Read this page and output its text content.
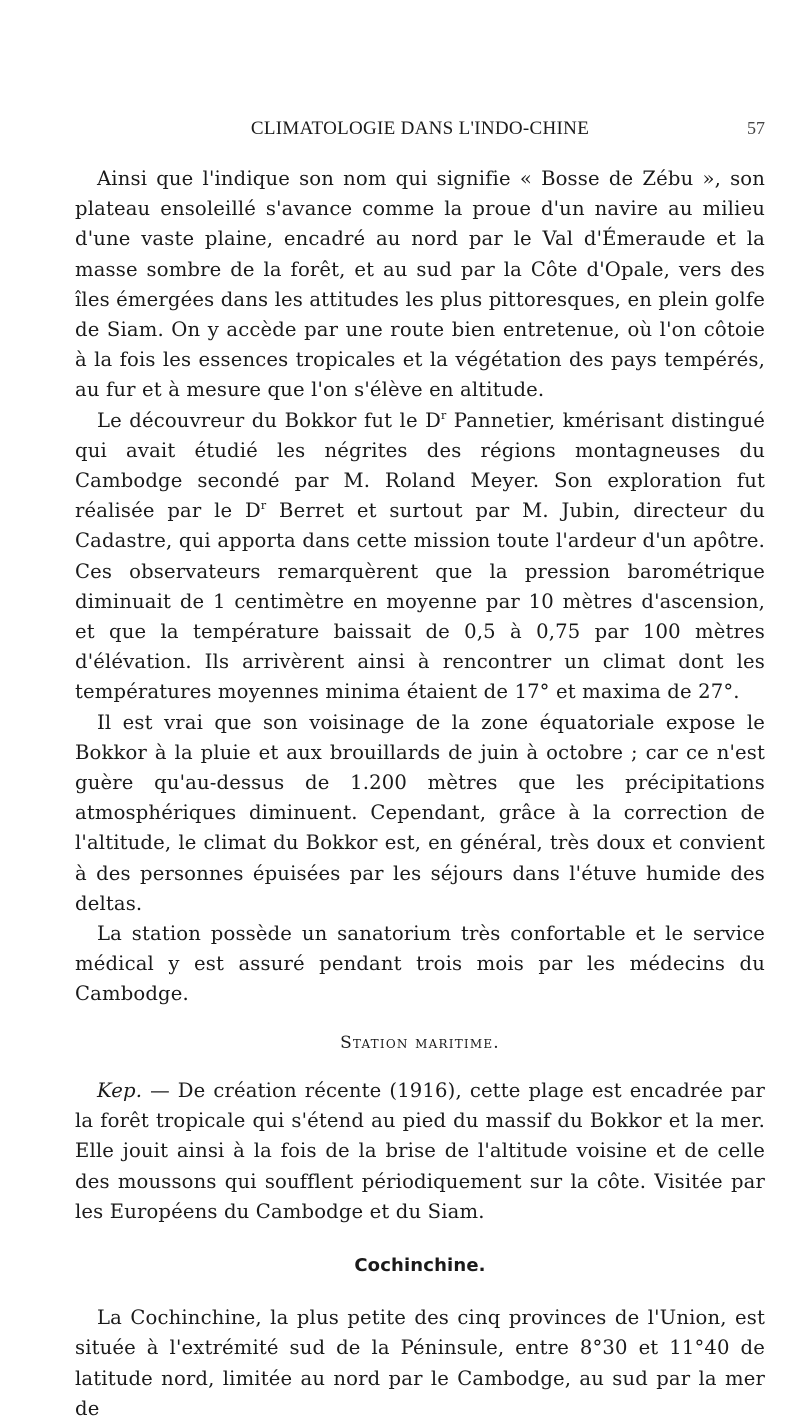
CLIMATOLOGIE DANS L'INDO-CHINE	57

Ainsi que l'indique son nom qui signifie « Bosse de Zébu », son plateau ensoleillé s'avance comme la proue d'un navire au milieu d'une vaste plaine, encadré au nord par le Val d'Émeraude et la masse sombre de la forêt, et au sud par la Côte d'Opale, vers des îles émergées dans les attitudes les plus pittoresques, en plein golfe de Siam. On y accède par une route bien entretenue, où l'on côtoie à la fois les essences tropicales et la végétation des pays tempérés, au fur et à mesure que l'on s'élève en altitude.

Le découvreur du Bokkor fut le $D^r$ Pannetier, kmérisant distingué qui avait étudié les négrites des régions montagneuses du Cambodge secondé par M. Roland Meyer. Son exploration fut réalisée par le $D^r$ Berret et surtout par M. Jubin, directeur du Cadastre, qui apporta dans cette mission toute l'ardeur d'un apôtre. Ces observateurs remarquèrent que la pression barométrique diminuait de 1 centimètre en moyenne par 10 mètres d'ascension, et que la température baissait de 0,5 à 0,75 par 100 mètres d'élévation. Ils arrivèrent ainsi à rencontrer un climat dont les températures moyennes minima étaient de 17° et maxima de 27°.

Il est vrai que son voisinage de la zone équatoriale expose le Bokkor à la pluie et aux brouillards de juin à octobre ; car ce n'est guère qu'au-dessus de 1.200 mètres que les précipitations atmosphériques diminuent. Cependant, grâce à la correction de l'altitude, le climat du Bokkor est, en général, très doux et convient à des personnes épuisées par les séjours dans l'étuve humide des deltas.

La station possède un sanatorium très confortable et le service médical y est assuré pendant trois mois par les médecins du Cambodge.

Station maritime.

Kep. — De création récente (1916), cette plage est encadrée par la forêt tropicale qui s'étend au pied du massif du Bokkor et la mer. Elle jouit ainsi à la fois de la brise de l'altitude voisine et de celle des moussons qui soufflent périodiquement sur la côte. Visitée par les Européens du Cambodge et du Siam.

Cochinchine.

La Cochinchine, la plus petite des cinq provinces de l'Union, est située à l'extrémité sud de la Péninsule, entre 8°30 et 11°40 de latitude nord, limitée au nord par le Cambodge, au sud par la mer de
